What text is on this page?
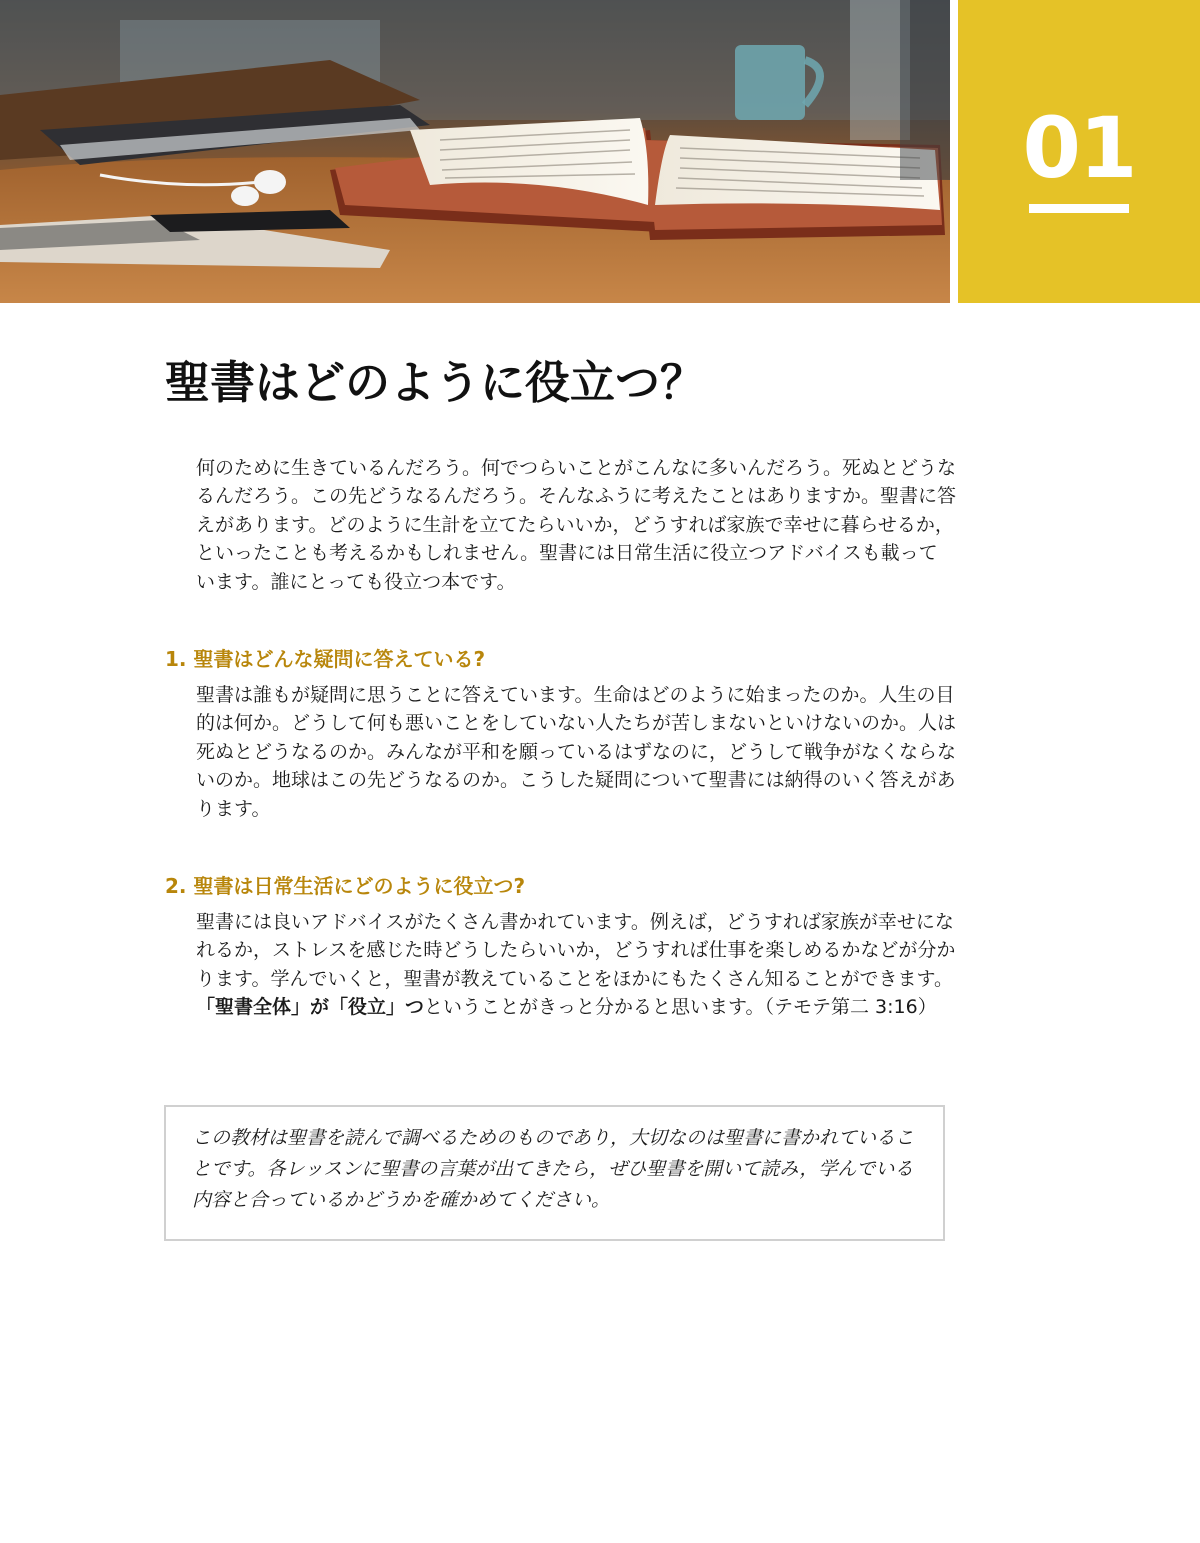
01
聖書はどのように役立つ？

何のために生きているんだろう。何でつらいことがこんなに多いんだろう。死ぬとどうなるんだろう。この先どうなるんだろう。そんなふうに考えたことはありますか。聖書に答えがあります。どのように生計を立てたらいいか，どうすれば家族で幸せに暮らせるか，といったことも考えるかもしれません。聖書には日常生活に役立つアドバイスも載っています。誰にとっても役立つ本です。

1. 聖書はどんな疑問に答えている?

聖書は誰もが疑問に思うことに答えています。生命はどのように始まったのか。人生の目的は何か。どうして何も悪いことをしていない人たちが苦しまないといけないのか。人は死ぬとどうなるのか。みんなが平和を願っているはずなのに，どうして戦争がなくならないのか。地球はこの先どうなるのか。こうした疑問について聖書には納得のいく答えがあります。

2. 聖書は日常生活にどのように役立つ?

聖書には良いアドバイスがたくさん書かれています。例えば，どうすれば家族が幸せになれるか，ストレスを感じた時どうしたらいいか，どうすれば仕事を楽しめるかなどが分かります。学んでいくと，聖書が教えていることをほかにもたくさん知ることができます。「聖書全体」が「役立」つということがきっと分かると思います。（テモテ第二 3:16）

この教材は聖書を読んで調べるためのものであり，大切なのは聖書に書かれていることです。各レッスンに聖書の言葉が出てきたら，ぜひ聖書を開いて読み，学んでいる内容と合っているかどうかを確かめてください。
